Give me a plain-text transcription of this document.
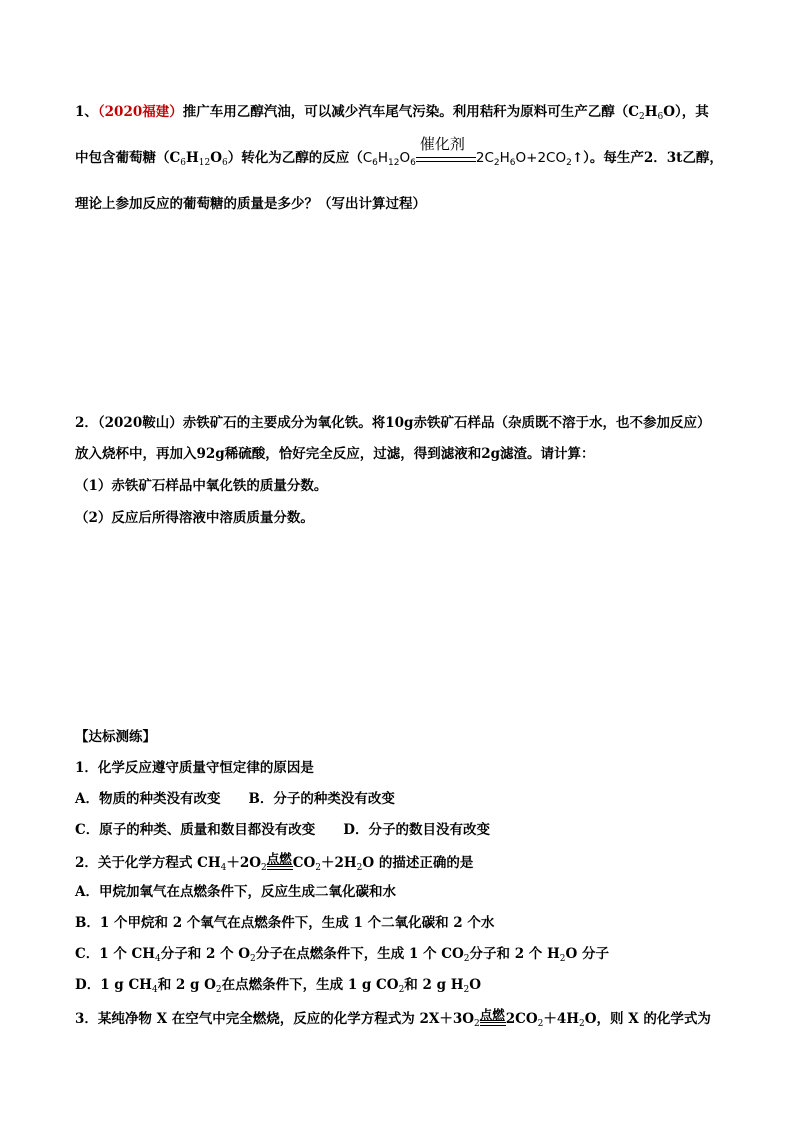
1、（2020福建）推广车用乙醇汽油，可以减少汽车尾气污染。利用秸秆为原料可生产乙醇$(C_2H_6O)$，其
中包含葡萄糖$(C_6H_{12}O_6)$转化为乙醇的反应（$C_6H_{12}O_6$
催化剂
$2C_2H_6O+2CO_2↑$）。每生产2．3t乙醇，
理论上参加反应的葡萄糖的质量是多少？（写出计算过程）
2．（2020鞍山）赤铁矿石的主要成分为氧化铁。将10g赤铁矿石样品（杂质既不溶于水，也不参加反应）
放入烧杯中，再加入92g稀硫酸，恰好完全反应，过滤，得到滤液和2g滤渣。请计算：
（1）赤铁矿石样品中氧化铁的质量分数。
（2）反应后所得溶液中溶质质量分数。
【达标测练】
1．化学反应遵守质量守恒定律的原因是
A．物质的种类没有改变 B．分子的种类没有改变
C．原子的种类、质量和数目都没有改变 D．分子的数目没有改变
2．关于化学方程式 $CH_4+2O_2$
点燃 $CO_2+2H_2O$ 的描述正确的是
A．甲烷加氧气在点燃条件下，反应生成二氧化碳和水
B．1 个甲烷和 2 个氧气在点燃条件下，生成 1 个二氧化碳和 2 个水
C．1 个 $CH_4$分子和 2 个 $O_2$分子在点燃条件下，生成 1 个 $CO_2$分子和 2 个 $H_2O$ 分子
D．1 g $CH_4$和 2 g $O_2$在点燃条件下，生成 1 g $CO_2$和 2 g $H_2O$
3．某纯净物 X 在空气中完全燃烧，反应的化学方程式为 $2X+3O_2$
点燃 $2CO_2+4H_2O$，则 X 的化学式为
